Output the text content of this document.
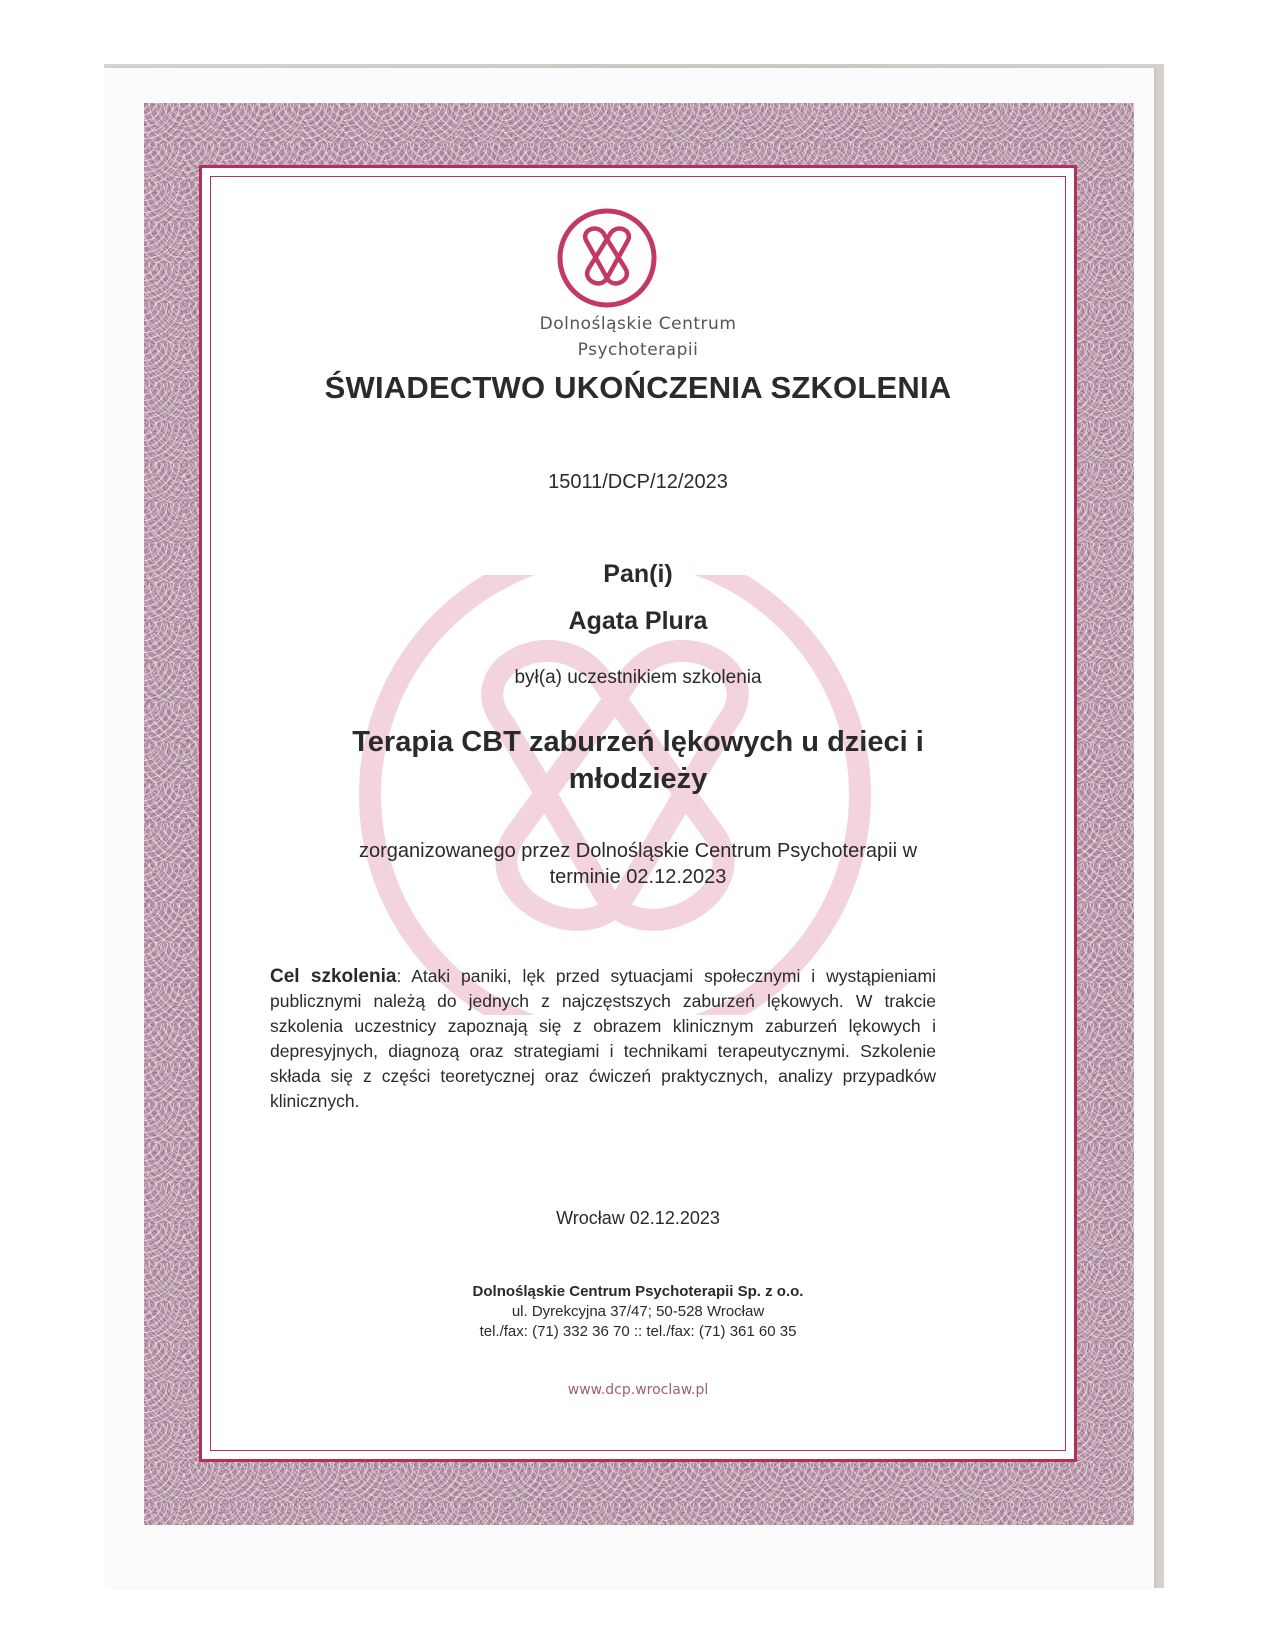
Dolnośląskie Centrum
Psychoterapii
ŚWIADECTWO UKOŃCZENIA SZKOLENIA
15011/DCP/12/2023
Pan(i)
Agata Plura
był(a) uczestnikiem szkolenia
Terapia CBT zaburzeń lękowych u dzieci i
młodzieży
zorganizowanego przez Dolnośląskie Centrum Psychoterapii w
terminie 02.12.2023
Cel szkolenia: Ataki paniki, lęk przed sytuacjami społecznymi i wystąpieniami publicznymi należą do jednych z najczęstszych zaburzeń lękowych. W trakcie szkolenia uczestnicy zapoznają się z obrazem klinicznym zaburzeń lękowych i depresyjnych, diagnozą oraz strategiami i technikami terapeutycznymi. Szkolenie składa się z części teoretycznej oraz ćwiczeń praktycznych, analizy przypadków klinicznych.
Wrocław 02.12.2023
Dolnośląskie Centrum Psychoterapii Sp. z o.o.
ul. Dyrekcyjna 37/47; 50-528 Wrocław
tel./fax: (71) 332 36 70 :: tel./fax: (71) 361 60 35
www.dcp.wroclaw.pl
